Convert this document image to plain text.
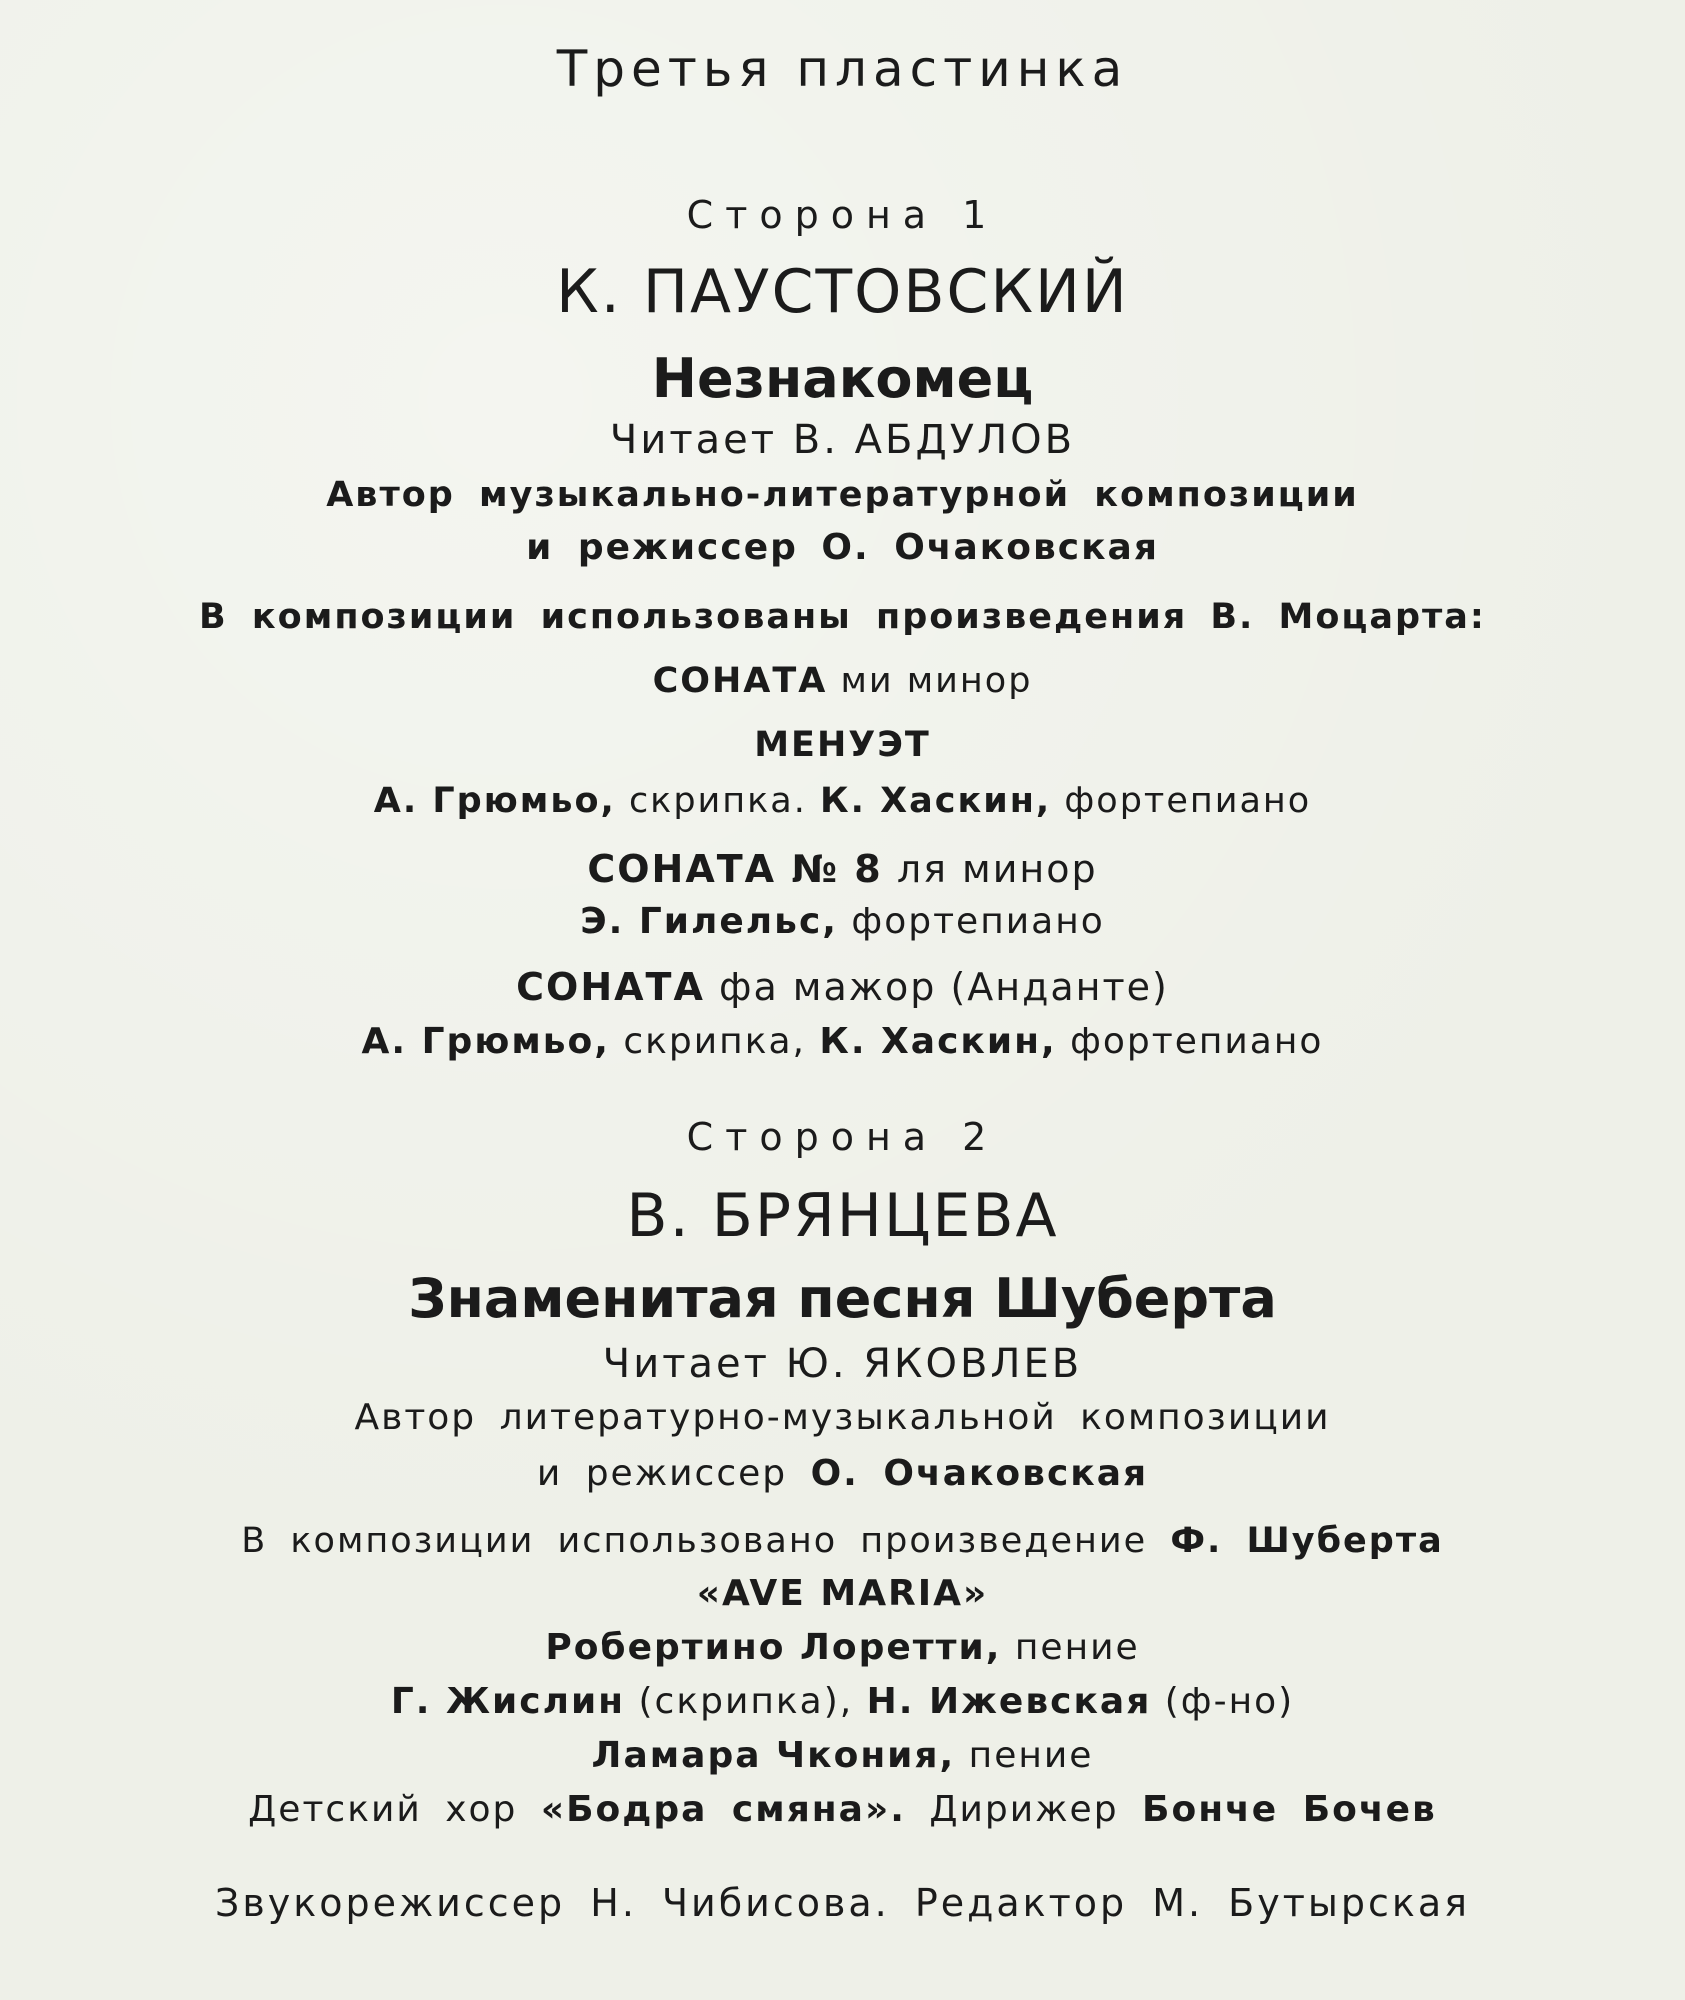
Третья пластинка

Сторона 1

К. ПАУСТОВСКИЙ

Незнакомец

Читает В. АБДУЛОВ

Автор музыкально-литературной композиции

и режиссер О. Очаковская

В композиции использованы произведения В. Моцарта:

СОНАТА ми минор

МЕНУЭТ

А. Грюмьо, скрипка. К. Хаскин, фортепиано

СОНАТА № 8 ля минор

Э. Гилельс, фортепиано

СОНАТА фа мажор (Анданте)

А. Грюмьо, скрипка, К. Хаскин, фортепиано

Сторона 2

В. БРЯНЦЕВА

Знаменитая песня Шуберта

Читает Ю. ЯКОВЛЕВ

Автор литературно-музыкальной композиции

и режиссер О. Очаковская

В композиции использовано произведение Ф. Шуберта

«AVE MARIA»

Робертино Лоретти, пение

Г. Жислин (скрипка), Н. Ижевская (ф-но)

Ламара Чкония, пение

Детский хор «Бодра смяна». Дирижер Бонче Бочев

Звукорежиссер Н. Чибисова. Редактор М. Бутырская
